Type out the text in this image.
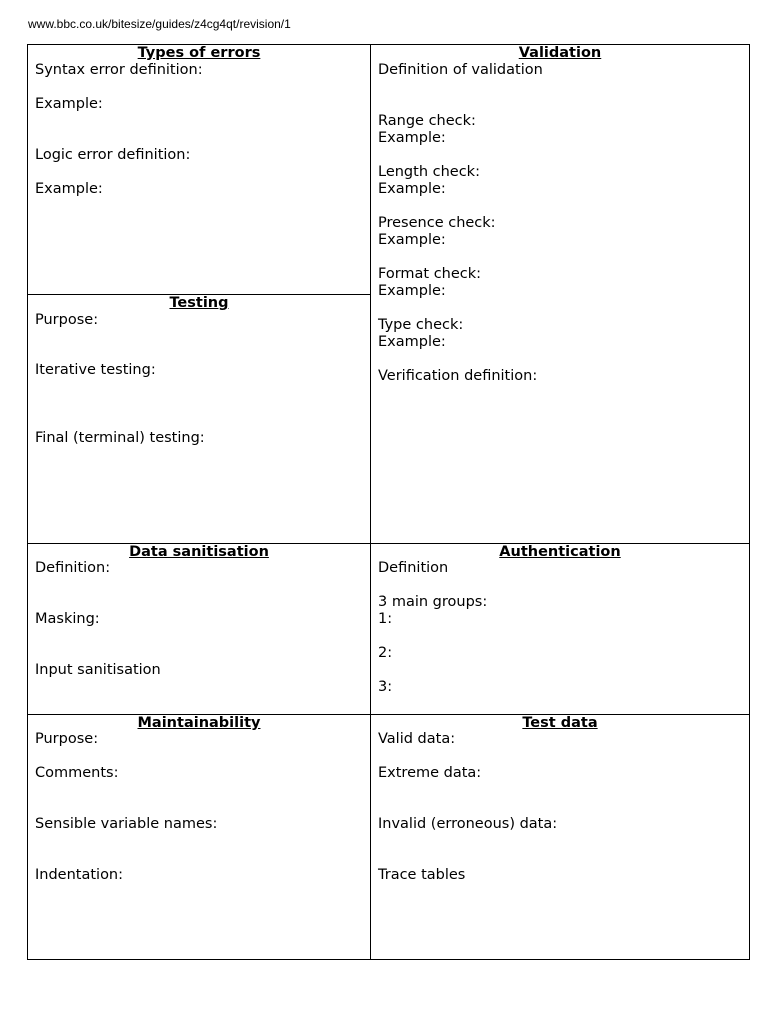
www.bbc.co.uk/bitesize/guides/z4cg4qt/revision/1
Types of errors
Syntax error definition:
Example:
Logic error definition:
Example:
Validation
Definition of validation
Range check:
Example:
Length check:
Example:
Presence check:
Example:
Format check:
Example:
Type check:
Example:
Verification definition:
Testing
Purpose:
Iterative testing:
Final (terminal) testing:
Data sanitisation
Definition:
Masking:
Input sanitisation
Authentication
Definition
3 main groups:
1:
2:
3:
Maintainability
Purpose:
Comments:
Sensible variable names:
Indentation:
Test data
Valid data:
Extreme data:
Invalid (erroneous) data:
Trace tables
